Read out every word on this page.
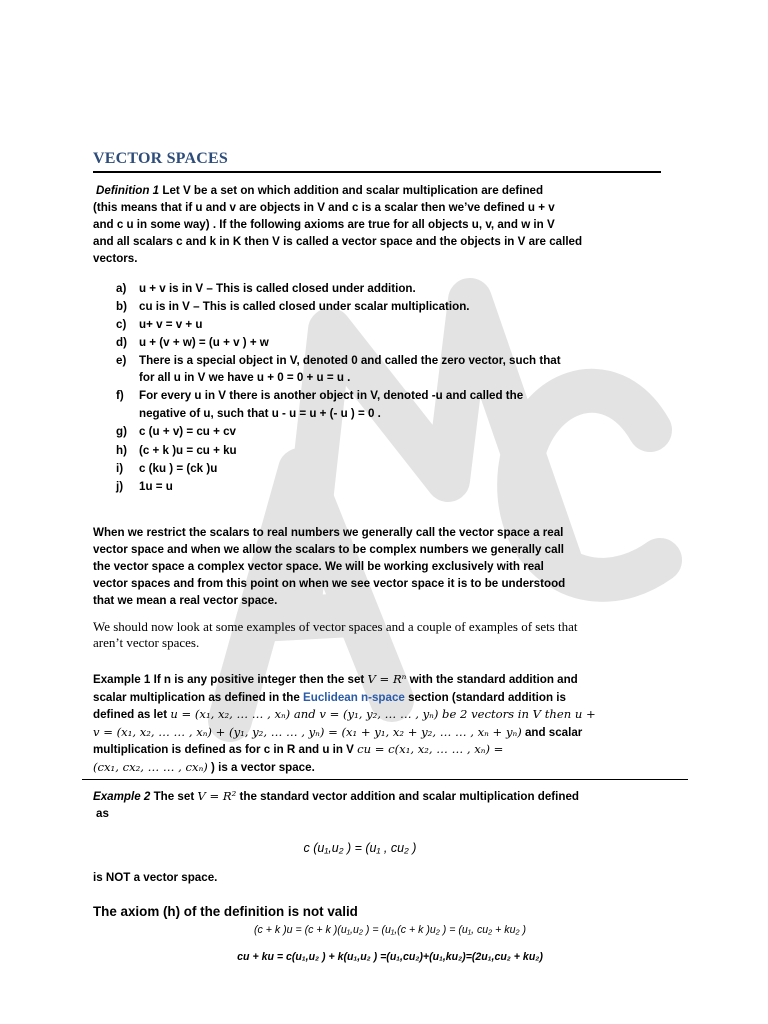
VECTOR SPACES
Definition 1 Let V be a set on which addition and scalar multiplication are defined
(this means that if u and v are objects in V and c is a scalar then we’ve defined u + v
and c u in some way) . If the following axioms are true for all objects u, v, and w in V
and all scalars c and k in K then V is called a vector space and the objects in V are called
vectors.
a) u + v is in V – This is called closed under addition.
b) cu is in V – This is called closed under scalar multiplication.
c) u+ v = v + u
d) u + (v + w) = (u + v ) + w
e) There is a special object in V, denoted 0 and called the zero vector, such that
for all u in V we have u + 0 = 0 + u = u .
f) For every u in V there is another object in V, denoted -u and called the
negative of u, such that u - u = u + (- u ) = 0 .
g) c (u + v) = cu + cv
h) (c + k )u = cu + ku
i) c (ku ) = (ck )u
j) 1u = u
When we restrict the scalars to real numbers we generally call the vector space a real
vector space and when we allow the scalars to be complex numbers we generally call
the vector space a complex vector space. We will be working exclusively with real
vector spaces and from this point on when we see vector space it is to be understood
that we mean a real vector space.
We should now look at some examples of vector spaces and a couple of examples of sets that
aren’t vector spaces.
Example 1 If n is any positive integer then the set V = Rⁿ with the standard addition and
scalar multiplication as defined in the Euclidean n-space section (standard addition is
defined as let u = (x₁, x₂, … … , xₙ) and v = (y₁, y₂, … … , yₙ) be 2 vectors in V then u +
v = (x₁, x₂, … … , xₙ) + (y₁, y₂, … … , yₙ) = (x₁ + y₁, x₂ + y₂, … … , xₙ + yₙ) and scalar
multiplication is defined as for c in R and u in V cu = c(x₁, x₂, … … , xₙ) =
(cx₁, cx₂, … … , cxₙ) ) is a vector space.
Example 2 The set V = R² the standard vector addition and scalar multiplication defined
as
c (u₁,u₂ ) = (u₁ , cu₂ )
is NOT a vector space.
The axiom (h) of the definition is not valid
(c + k )u = (c + k )(u₁,u₂ ) = (u₁,(c + k )u₂ ) = (u₁, cu₂ + ku₂ )
cu + ku = c(u₁,u₂ ) + k(u₁,u₂ ) =(u₁,cu₂)+(u₁,ku₂)=(2u₁,cu₂ + ku₂)
